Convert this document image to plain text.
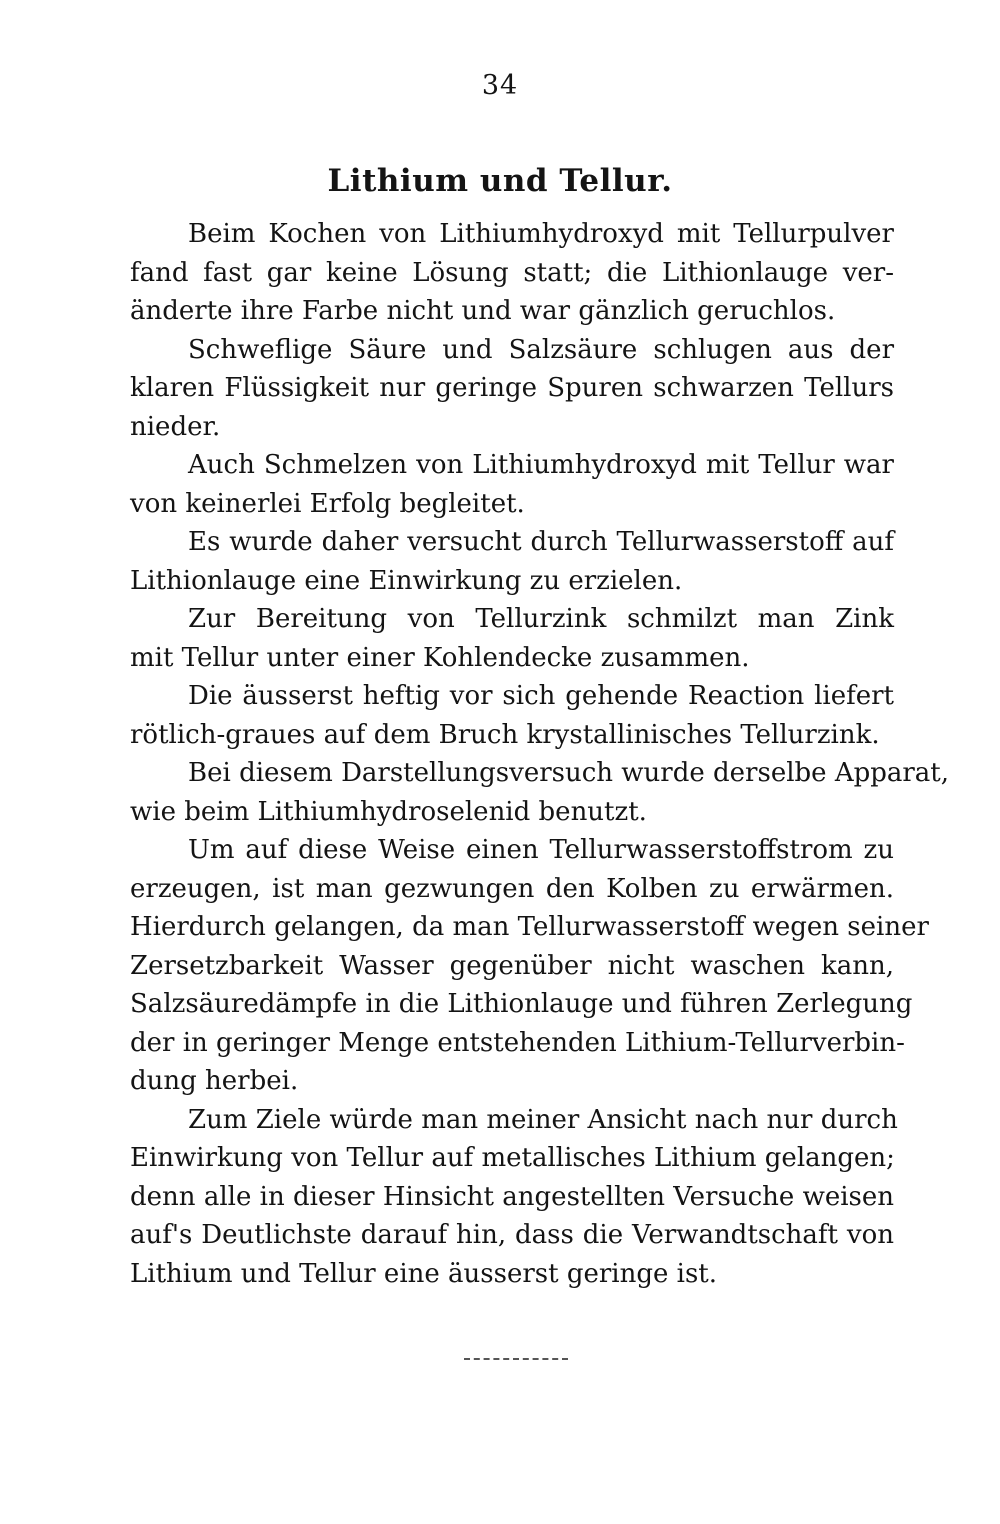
34
Lithium und Tellur.
Beim Kochen von Lithiumhydroxyd mit Tellurpulver
fand fast gar keine Lösung statt; die Lithionlauge ver-
änderte ihre Farbe nicht und war gänzlich geruchlos.
Schweflige Säure und Salzsäure schlugen aus der
klaren Flüssigkeit nur geringe Spuren schwarzen Tellurs
nieder.
Auch Schmelzen von Lithiumhydroxyd mit Tellur war
von keinerlei Erfolg begleitet.
Es wurde daher versucht durch Tellurwasserstoff auf
Lithionlauge eine Einwirkung zu erzielen.
Zur Bereitung von Tellurzink schmilzt man Zink
mit Tellur unter einer Kohlendecke zusammen.
Die äusserst heftig vor sich gehende Reaction liefert
rötlich-graues auf dem Bruch krystallinisches Tellurzink.
Bei diesem Darstellungsversuch wurde derselbe Apparat,
wie beim Lithiumhydroselenid benutzt.
Um auf diese Weise einen Tellurwasserstoffstrom zu
erzeugen, ist man gezwungen den Kolben zu erwärmen.
Hierdurch gelangen, da man Tellurwasserstoff wegen seiner
Zersetzbarkeit Wasser gegenüber nicht waschen kann,
Salzsäuredämpfe in die Lithionlauge und führen Zerlegung
der in geringer Menge entstehenden Lithium-Tellurverbin-
dung herbei.
Zum Ziele würde man meiner Ansicht nach nur durch
Einwirkung von Tellur auf metallisches Lithium gelangen;
denn alle in dieser Hinsicht angestellten Versuche weisen
auf's Deutlichste darauf hin, dass die Verwandtschaft von
Lithium und Tellur eine äusserst geringe ist.
